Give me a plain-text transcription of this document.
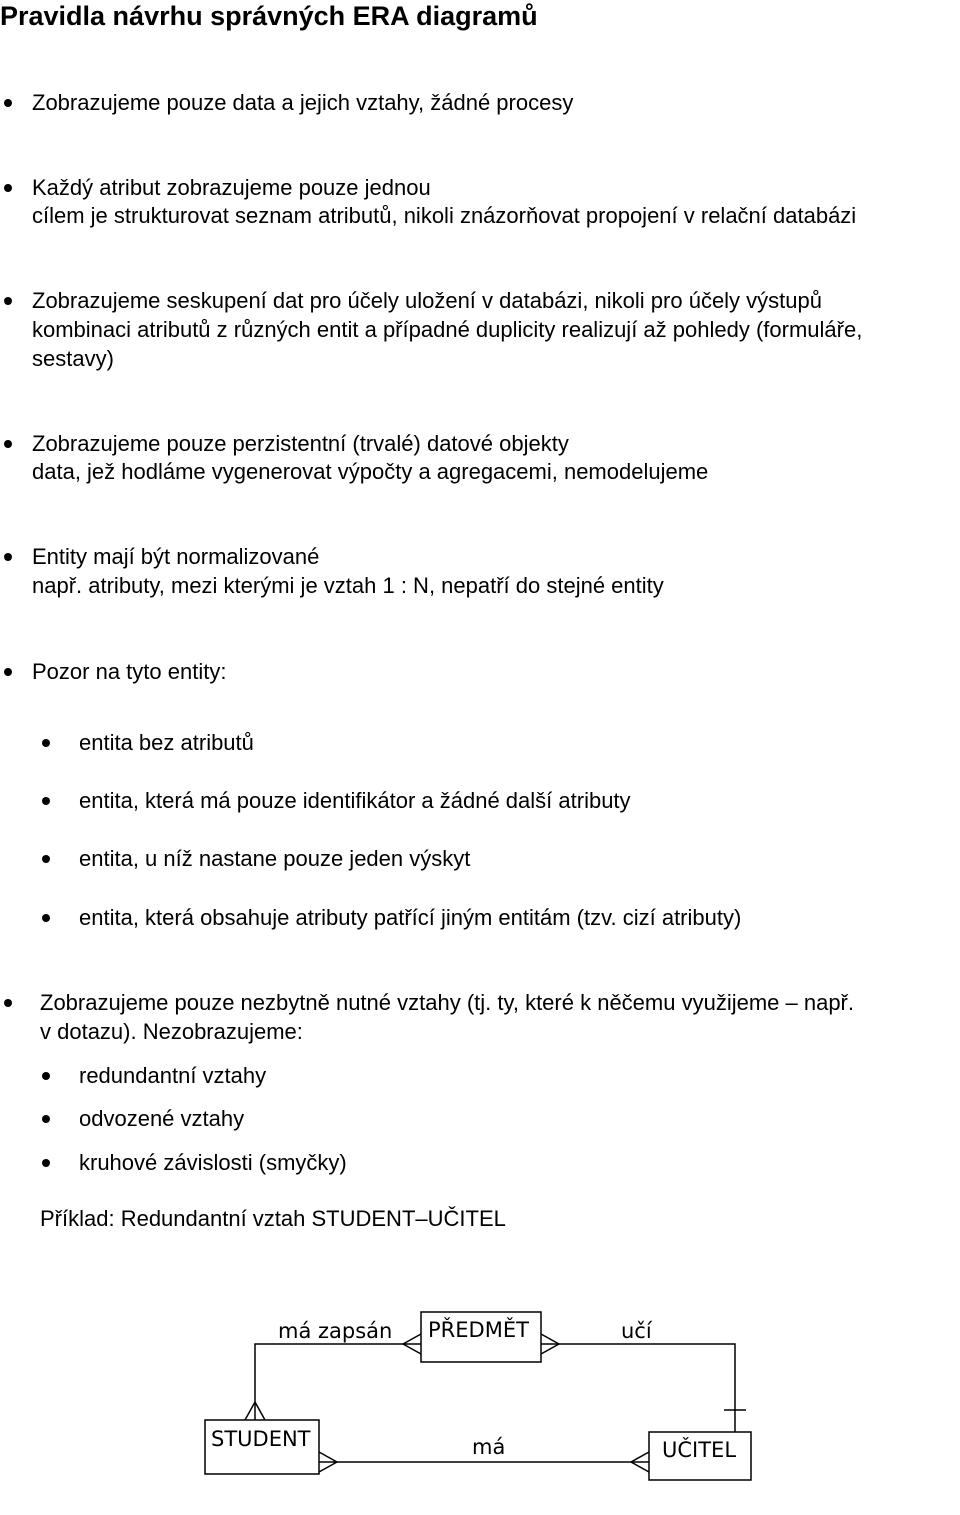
Pravidla návrhu správných ERA diagramů
Zobrazujeme pouze data a jejich vztahy, žádné procesy
Každý atribut zobrazujeme pouze jednou
cílem je strukturovat seznam atributů, nikoli znázorňovat propojení v relační databázi
Zobrazujeme seskupení dat pro účely uložení v databázi, nikoli pro účely výstupů
kombinaci atributů z různých entit a případné duplicity realizují až pohledy (formuláře,
sestavy)
Zobrazujeme pouze perzistentní (trvalé) datové objekty
data, jež hodláme vygenerovat výpočty a agregacemi, nemodelujeme
Entity mají být normalizované
např. atributy, mezi kterými je vztah 1 : N, nepatří do stejné entity
Pozor na tyto entity:
entita bez atributů
entita, která má pouze identifikátor a žádné další atributy
entita, u níž nastane pouze jeden výskyt
entita, která obsahuje atributy patřící jiným entitám (tzv. cizí atributy)
Zobrazujeme pouze nezbytně nutné vztahy (tj. ty, které k něčemu využijeme – např.
v dotazu). Nezobrazujeme:
redundantní vztahy
odvozené vztahy
kruhové závislosti (smyčky)
Příklad: Redundantní vztah STUDENT–UČITEL
PŘEDMĚT
STUDENT	UČITEL
má zapsán	učí
má
